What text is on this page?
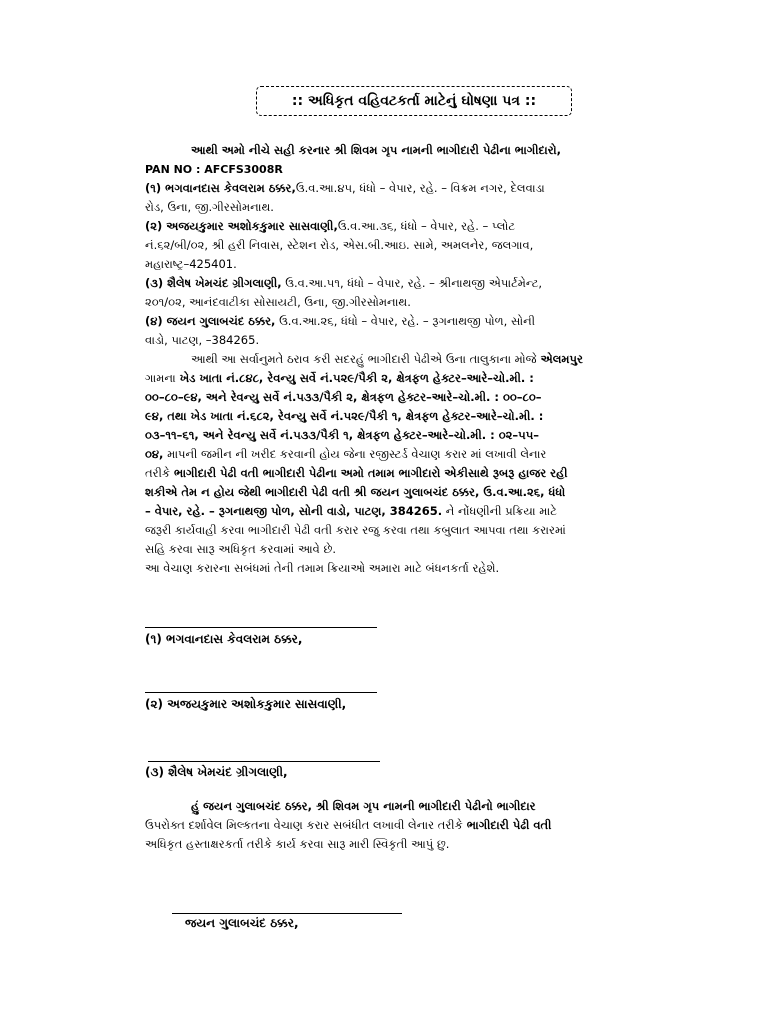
:: અધિકૃત વહિવટકર્તા માટેનું ઘોષણા પત્ર ::
આથી અમો નીચે સહી કરનાર શ્રી શિવમ ગૃપ નામની ભાગીદારી પેઢીના ભાગીદારો,
PAN NO : AFCFS3008R
(૧) ભગવાનદાસ કેવલરામ ઠક્કર,ઉ.વ.આ.૪૫, ધંધો – વેપાર, રહે. – વિક્રમ નગર, દેલવાડા
રોડ, ઉના, જી.ગીરસોમનાથ.
(૨) અજયકુમાર અશોકકુમાર સાસવાણી,ઉ.વ.આ.૩૬, ધંધો – વેપાર, રહે. – પ્લોટ
નં.૬૨/બી/૦૨, શ્રી હરી નિવાસ, સ્ટેશન રોડ, એસ.બી.આઇ. સામે, અમલનેર, જલગાવ,
મહારાષ્ટ્ર–425401.
(૩) શૈલેષ ખેમચંદ ગ્રીગલાણી, ઉ.વ.આ.૫૧, ધંધો – વેપાર, રહે. – શ્રીનાથજી એપાર્ટમેન્ટ,
૨૦૧/૦૨, આનંદવાટીકા સોસાયટી, ઉના, જી.ગીરસોમનાથ.
(૪) જયન ગુલાબચંદ ઠક્કર, ઉ.વ.આ.૨૬, ધંધો – વેપાર, રહે. – રૂગનાથજી પોળ, સોની
વાડો, પાટણ, –384265.
આથી આ સર્વાનુમતે ઠરાવ કરી સદરહું ભાગીદારી પેઢીએ ઉના તાલુકાના મોજે એલમપુર
ગામના ખેડ ખાતા નં.૮૪૮, રેવન્યુ સર્વે નં.૫૨૯/પૈકી ૨, ક્ષેત્રફળ હેક્ટર–આરે–ચો.મી. :
૦૦–૮૦–૯૪, અને રેવન્યુ સર્વે નં.૫૩૩/પૈકી ૨, ક્ષેત્રફળ હેક્ટર–આરે–ચો.મી. : ૦૦–૮૦–
૯૪, તથા ખેડ ખાતા નં.૬૮૨, રેવન્યુ સર્વે નં.૫૨૯/પૈકી ૧, ક્ષેત્રફળ હેક્ટર–આરે–ચો.મી. :
૦૩–૧૧–૬૧, અને રેવન્યુ સર્વે નં.૫૩૩/પૈકી ૧, ક્ષેત્રફળ હેક્ટર–આરે–ચો.મી. : ૦૨–૫૫–
૦૪, માપની જમીન ની ખરીદ કરવાની હોય જેના રજીસ્ટર્ડ વેચાણ કરાર માં લખાવી લેનાર
તરીકે ભાગીદારી પેઢી વતી ભાગીદારી પેઢીના અમો તમામ ભાગીદારો એકીસાથે રૂબરૂ હાજર રહી
શકીએ તેમ ન હોય જેથી ભાગીદારી પેઢી વતી શ્રી જયન ગુલાબચંદ ઠક્કર, ઉ.વ.આ.૨૬, ધંધો
– વેપાર, રહે. – રૂગનાથજી પોળ, સોની વાડો, પાટણ, 384265. ને નોંધણીની પ્રક્રિયા માટે
જરૂરી કાર્યવાહી કરવા ભાગીદારી પેઢી વતી કરાર રજુ કરવા તથા કબુલાત આપવા તથા કરારમાં
સહિ કરવા સારૂ અધિકૃત કરવામાં આવે છે.
આ વેચાણ કરારના સબંધમાં તેની તમામ ક્રિયાઓ અમારા માટે બંધનકર્તા રહેશે.
(૧) ભગવાનદાસ કેવલરામ ઠક્કર,
(૨) અજયકુમાર અશોકકુમાર સાસવાણી,
(૩) શૈલેષ ખેમચંદ ગ્રીગલાણી,
હું જયન ગુલાબચંદ ઠક્કર, શ્રી શિવમ ગૃપ નામની ભાગીદારી પેઢીનો ભાગીદાર
ઉપરોક્ત દર્શાવેલ મિલ્કતના વેચાણ કરાર સબંધીત લખાવી લેનાર તરીકે ભાગીદારી પેઢી વતી
અધિકૃત હસ્તાક્ષરકર્તા તરીકે કાર્ય કરવા સારૂ મારી સ્વિકૃતી આપું છુ.
જયન ગુલાબચંદ ઠક્કર,
